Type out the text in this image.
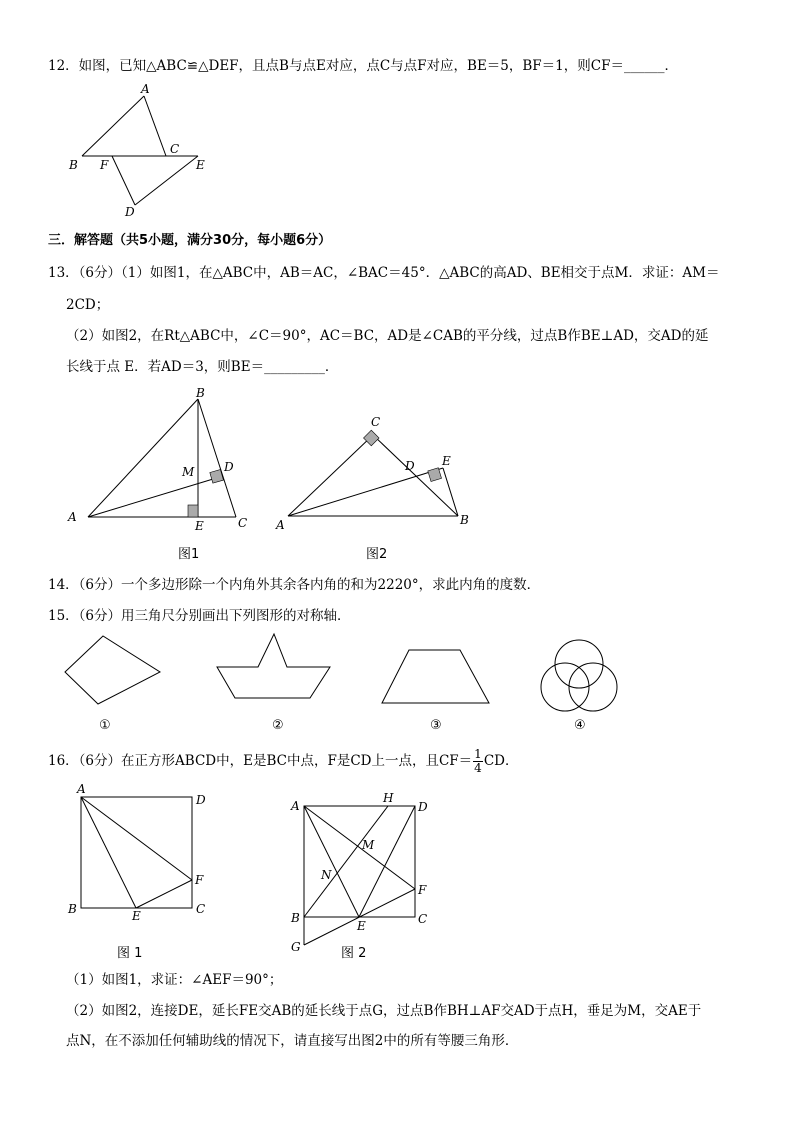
12．如图，已知△ABC≌△DEF，且点B与点E对应，点C与点F对应，BE＝5，BF＝1，则CF＝______．
A
B F
C
E
D
三．解答题（共5小题，满分30分，每小题6分）
13．（6分）（1）如图1，在△ABC中，AB＝AC，∠BAC＝45°．△ABC的高AD、BE相交于点M．求证：AM＝
2CD；
（2）如图2，在Rt△ABC中，∠C＝90°，AC＝BC，AD是∠CAB的平分线，过点B作BE⊥AD，交AD的延
长线于点 E．若AD＝3，则BE＝_________．
B
A	C
E
M D
图1
C
A	B
D E
图2
14．（6分）一个多边形除一个内角外其余各内角的和为2220°，求此内角的度数．
15．（6分）用三角尺分别画出下列图形的对称轴．
①	②	③	④
16．（6分）在正方形ABCD中，E是BC中点，F是CD上一点，且$CF= \frac{1}{4}$ CD．
A
D
B	C
E
F
图 1
A
H
D
M
N
F
B
E	C
G	图 2
（1）如图1，求证：∠AEF＝90°；
（2）如图2，连接DE，延长FE交AB的延长线于点G，过点B作BH⊥AF交AD于点H，垂足为M，交AE于
点N，在不添加任何辅助线的情况下，请直接写出图2中的所有等腰三角形．
